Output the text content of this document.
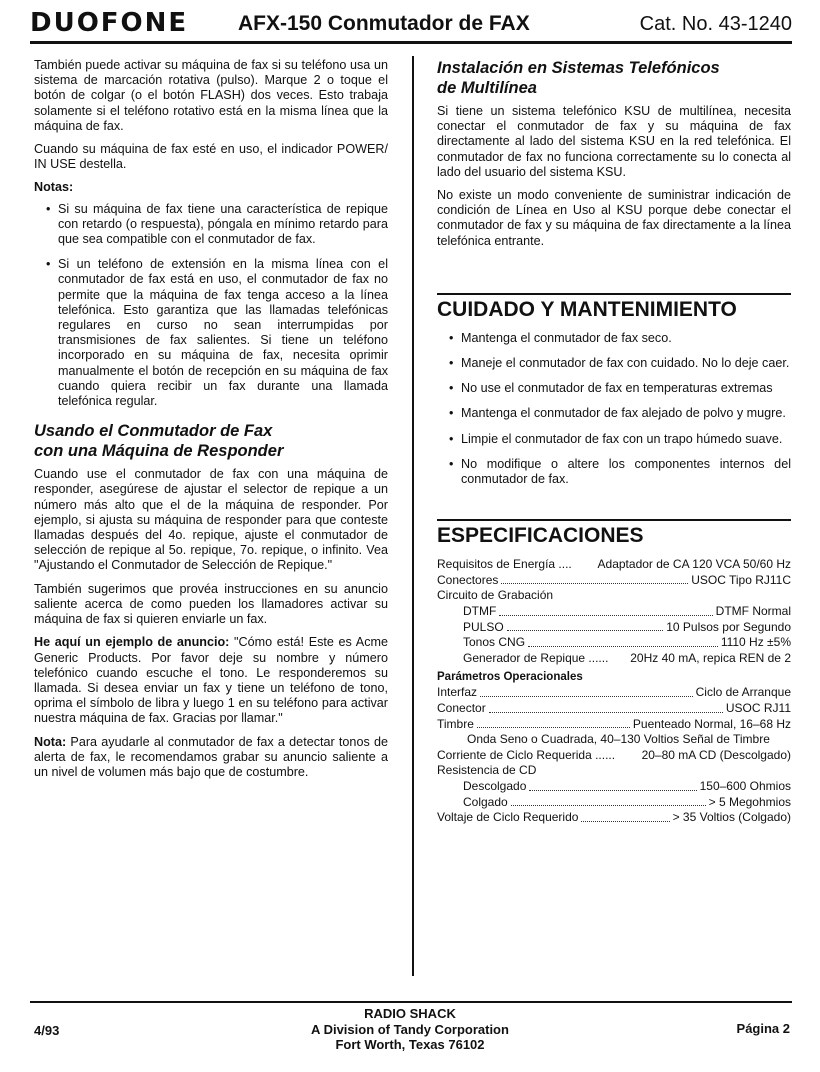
DUOFONE AFX-150 Conmutador de FAX	Cat. No. 43-1240

También puede activar su máquina de fax si su teléfono usa un sistema de marcación rotativa (pulso). Marque 2 o toque el botón de colgar (o el botón FLASH) dos veces. Esto trabaja solamente si el teléfono rotativo está en la misma línea que la máquina de fax.

Cuando su máquina de fax esté en uso, el indicador POWER/ IN USE destella.

Notas:

• Si su máquina de fax tiene una característica de repique con retardo (o respuesta), póngala en mínimo retardo para que sea compatible con el conmutador de fax.
• Si un teléfono de extensión en la misma línea con el conmutador de fax está en uso, el conmutador de fax no permite que la máquina de fax tenga acceso a la línea telefónica. Esto garantiza que las llamadas telefónicas regulares en curso no sean interrumpidas por transmisiones de fax salientes. Si tiene un teléfono incorporado en su máquina de fax, necesita oprimir manualmente el botón de recepción en su máquina de fax cuando quiera recibir un fax durante una llamada telefónica regular.
Usando el Conmutador de Fax
con una Máquina de Responder

Cuando use el conmutador de fax con una máquina de responder, asegúrese de ajustar el selector de repique a un número más alto que el de la máquina de responder. Por ejemplo, si ajusta su máquina de responder para que conteste llamadas después del 4o. repique, ajuste el conmutador de selección de repique al 5o. repique, 7o. repique, o infinito. Vea "Ajustando el Conmutador de Selección de Repique."

También sugerimos que provéa instrucciones en su anuncio saliente acerca de como pueden los llamadores activar su máquina de fax si quieren enviarle un fax.

He aquí un ejemplo de anuncio: "Cómo está! Este es Acme Generic Products. Por favor deje su nombre y número telefónico cuando escuche el tono. Le responderemos su llamada. Si desea enviar un fax y tiene un teléfono de tono, oprima el símbolo de libra y luego 1 en su teléfono para activar nuestra máquina de fax. Gracias por llamar."

Nota: Para ayudarle al conmutador de fax a detectar tonos de alerta de fax, le recomendamos grabar su anuncio saliente a un nivel de volumen más bajo que de costumbre.

Instalación en Sistemas Telefónicos
de Multilínea

Si tiene un sistema telefónico KSU de multilínea, necesita conectar el conmutador de fax y su máquina de fax directamente al lado del sistema KSU en la red telefónica. El conmutador de fax no funciona correctamente su lo conecta al lado del usuario del sistema KSU.

No existe un modo conveniente de suministrar indicación de condición de Línea en Uso al KSU porque debe conectar el conmutador de fax y su máquina de fax directamente a la línea telefónica entrante.

CUIDADO Y MANTENIMIENTO
• Mantenga el conmutador de fax seco.
• Maneje el conmutador de fax con cuidado. No lo deje caer.
• No use el conmutador de fax en temperaturas extremas
• Mantenga el conmutador de fax alejado de polvo y mugre.
• Limpie el conmutador de fax con un trapo húmedo suave.
• No modifique o altere los componentes internos del conmutador de fax.
ESPECIFICACIONES
Requisitos de Energía .... Adaptador de CA 120 VCA 50/60 Hz
Conectores	USOC Tipo RJ11C
Circuito de Grabación
DTMF	DTMF Normal
PULSO	10 Pulsos por Segundo
Tonos CNG	1110 Hz ±5%
Generador de Repique ...... 20Hz 40 mA, repica REN de 2
Parámetros Operacionales
Interfaz	Ciclo de Arranque
Conector	USOC RJ11
Timbre	Puenteado Normal, 16–68 Hz
Onda Seno o Cuadrada, 40–130 Voltios Señal de Timbre
Corriente de Ciclo Requerida ...... 20–80 mA CD (Descolgado)
Resistencia de CD
Descolgado	150–600 Ohmios
Colgado	> 5 Megohmios
Voltaje de Ciclo Requerido	> 35 Voltios (Colgado)
4/93
RADIO SHACK
A Division of Tandy Corporation
Fort Worth, Texas 76102
Página 2
